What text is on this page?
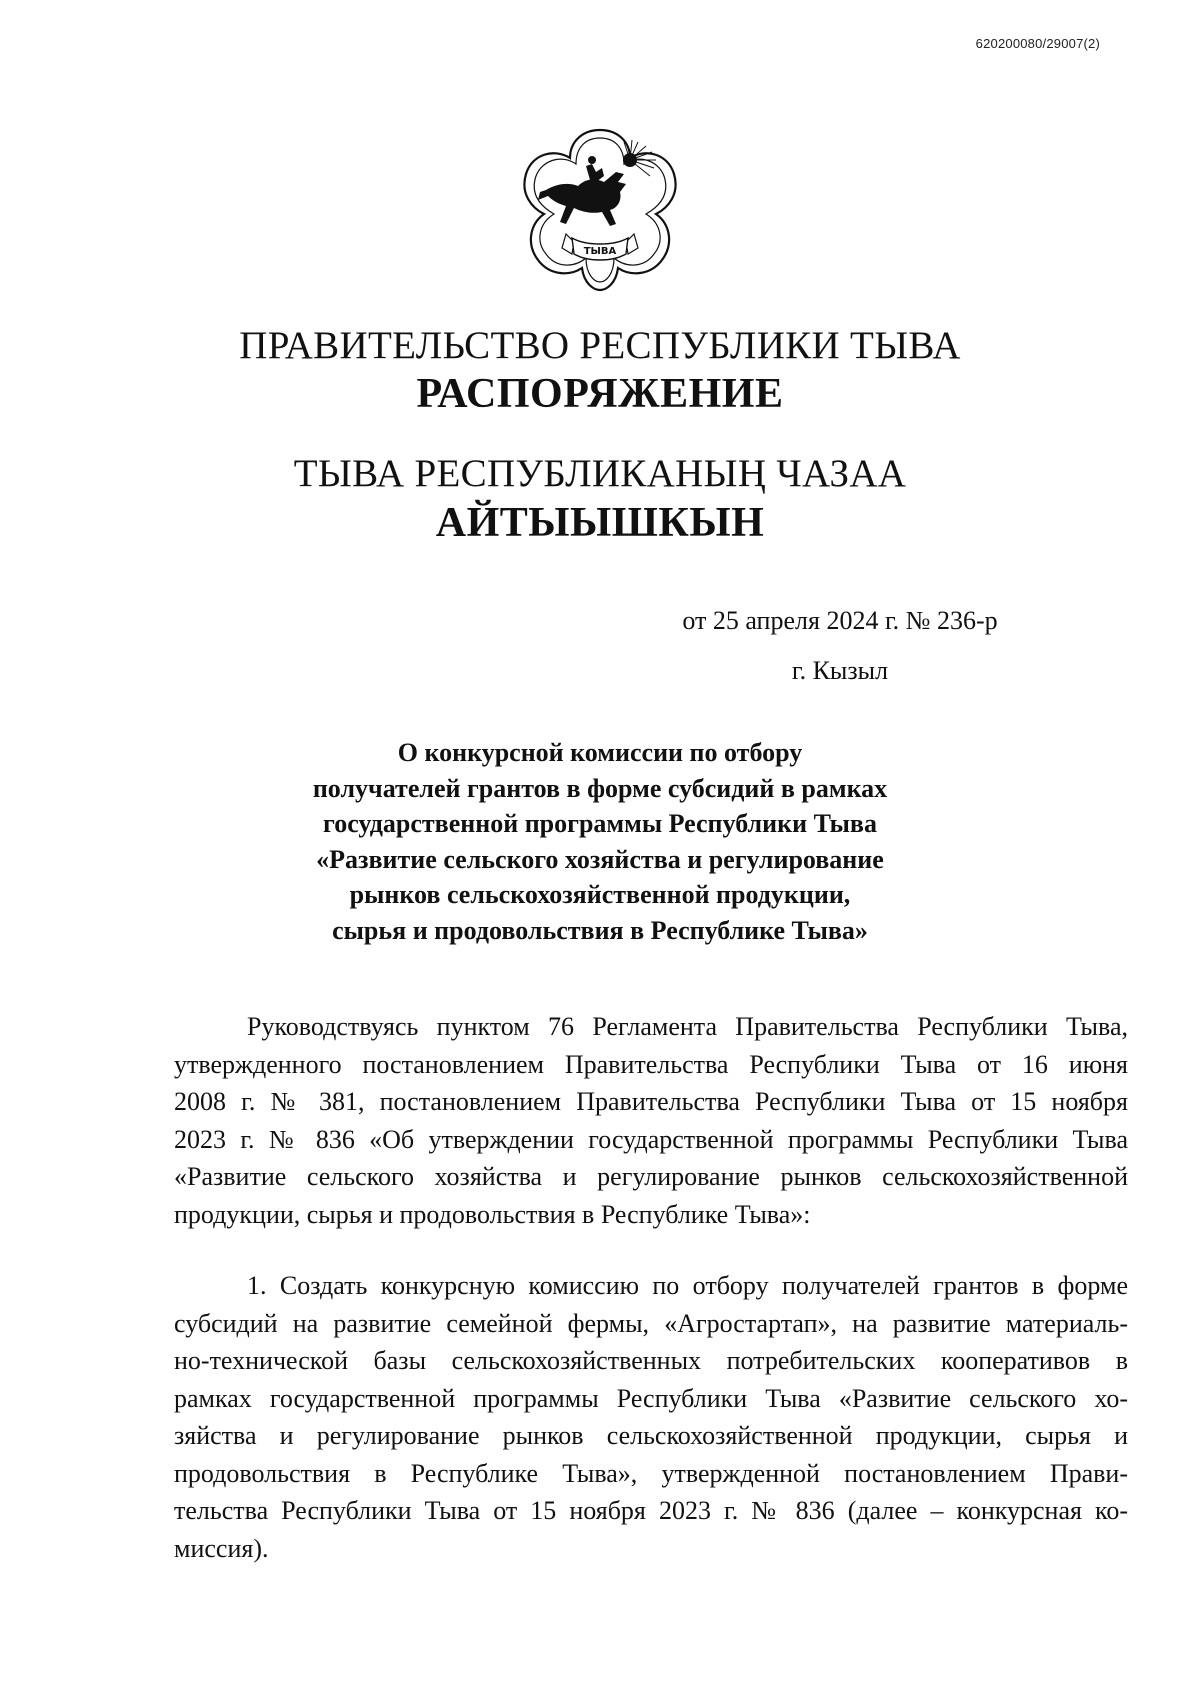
620200080/29007(2)
ТЫВА
ПРАВИТЕЛЬСТВО РЕСПУБЛИКИ ТЫВА
РАСПОРЯЖЕНИЕ
ТЫВА РЕСПУБЛИКАНЫҢ ЧАЗАА
АЙТЫЫШКЫН
от 25 апреля 2024 г. № 236-р
г. Кызыл
О конкурсной комиссии по отбору
получателей грантов в форме субсидий в рамках
государственной программы Республики Тыва
«Развитие сельского хозяйства и регулирование
рынков сельскохозяйственной продукции,
сырья и продовольствия в Республике Тыва»
Руководствуясь пунктом 76 Регламента Правительства Республики Тыва,
утвержденного постановлением Правительства Республики Тыва от 16 июня
2008 г. № 381, постановлением Правительства Республики Тыва от 15 ноября
2023 г. № 836 «Об утверждении государственной программы Республики Тыва
«Развитие сельского хозяйства и регулирование рынков сельскохозяйственной
продукции, сырья и продовольствия в Республике Тыва»:
1. Создать конкурсную комиссию по отбору получателей грантов в форме
субсидий на развитие семейной фермы, «Агростартап», на развитие материаль-
но-технической базы сельскохозяйственных потребительских кооперативов в
рамках государственной программы Республики Тыва «Развитие сельского хо-
зяйства и регулирование рынков сельскохозяйственной продукции, сырья и
продовольствия в Республике Тыва», утвержденной постановлением Прави-
тельства Республики Тыва от 15 ноября 2023 г. № 836 (далее – конкурсная ко-
миссия).
